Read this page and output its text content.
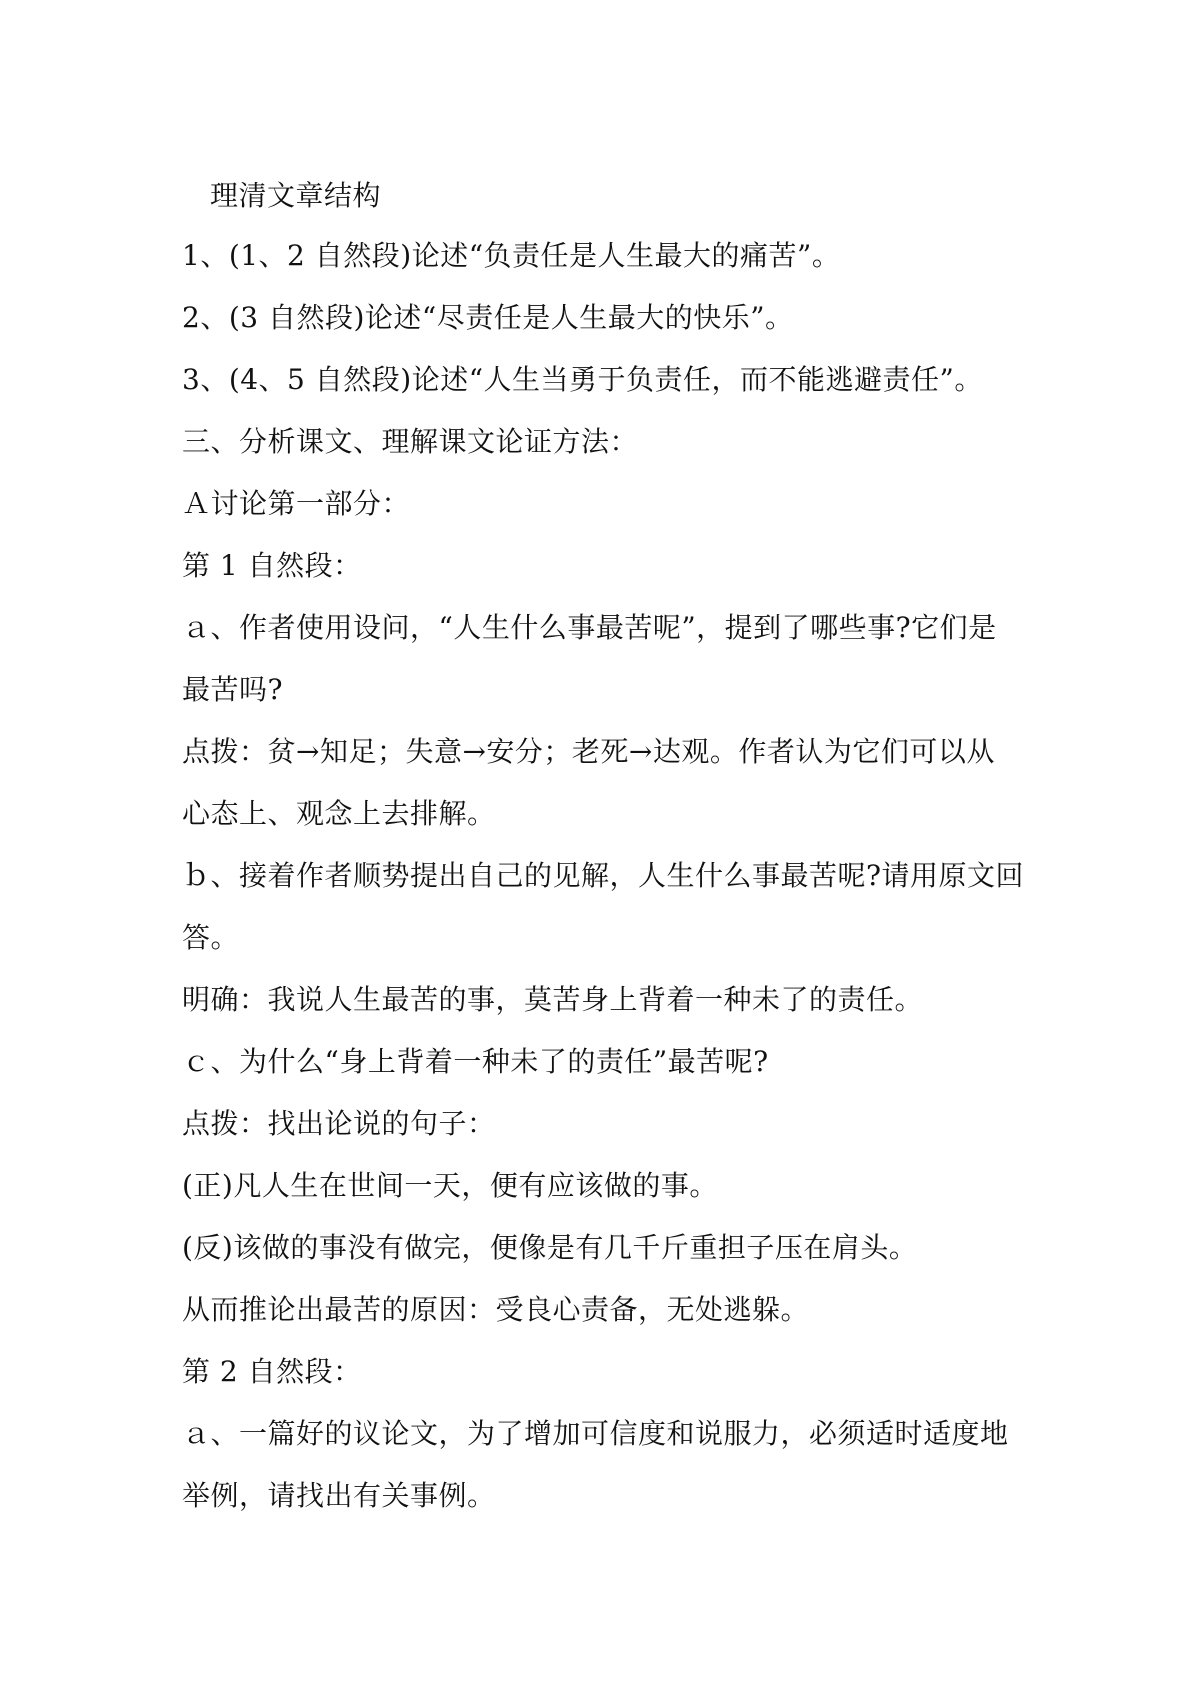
理清文章结构

1、(1、2 自然段)论述“负责任是人生最大的痛苦”。

2、(3 自然段)论述“尽责任是人生最大的快乐”。

3、(4、5 自然段)论述“人生当勇于负责任，而不能逃避责任”。

三、分析课文、理解课文论证方法：

Ａ讨论第一部分：

第 1 自然段：

ａ、作者使用设问，“人生什么事最苦呢”，提到了哪些事?它们是

最苦吗?

点拨：贫→知足；失意→安分；老死→达观。作者认为它们可以从

心态上、观念上去排解。

ｂ、接着作者顺势提出自己的见解，人生什么事最苦呢?请用原文回

答。

明确：我说人生最苦的事，莫苦身上背着一种未了的责任。

ｃ、为什么“身上背着一种未了的责任”最苦呢?

点拨：找出论说的句子：

(正)凡人生在世间一天，便有应该做的事。

(反)该做的事没有做完，便像是有几千斤重担子压在肩头。

从而推论出最苦的原因：受良心责备，无处逃躲。

第 2 自然段：

ａ、一篇好的议论文，为了增加可信度和说服力，必须适时适度地

举例，请找出有关事例。
